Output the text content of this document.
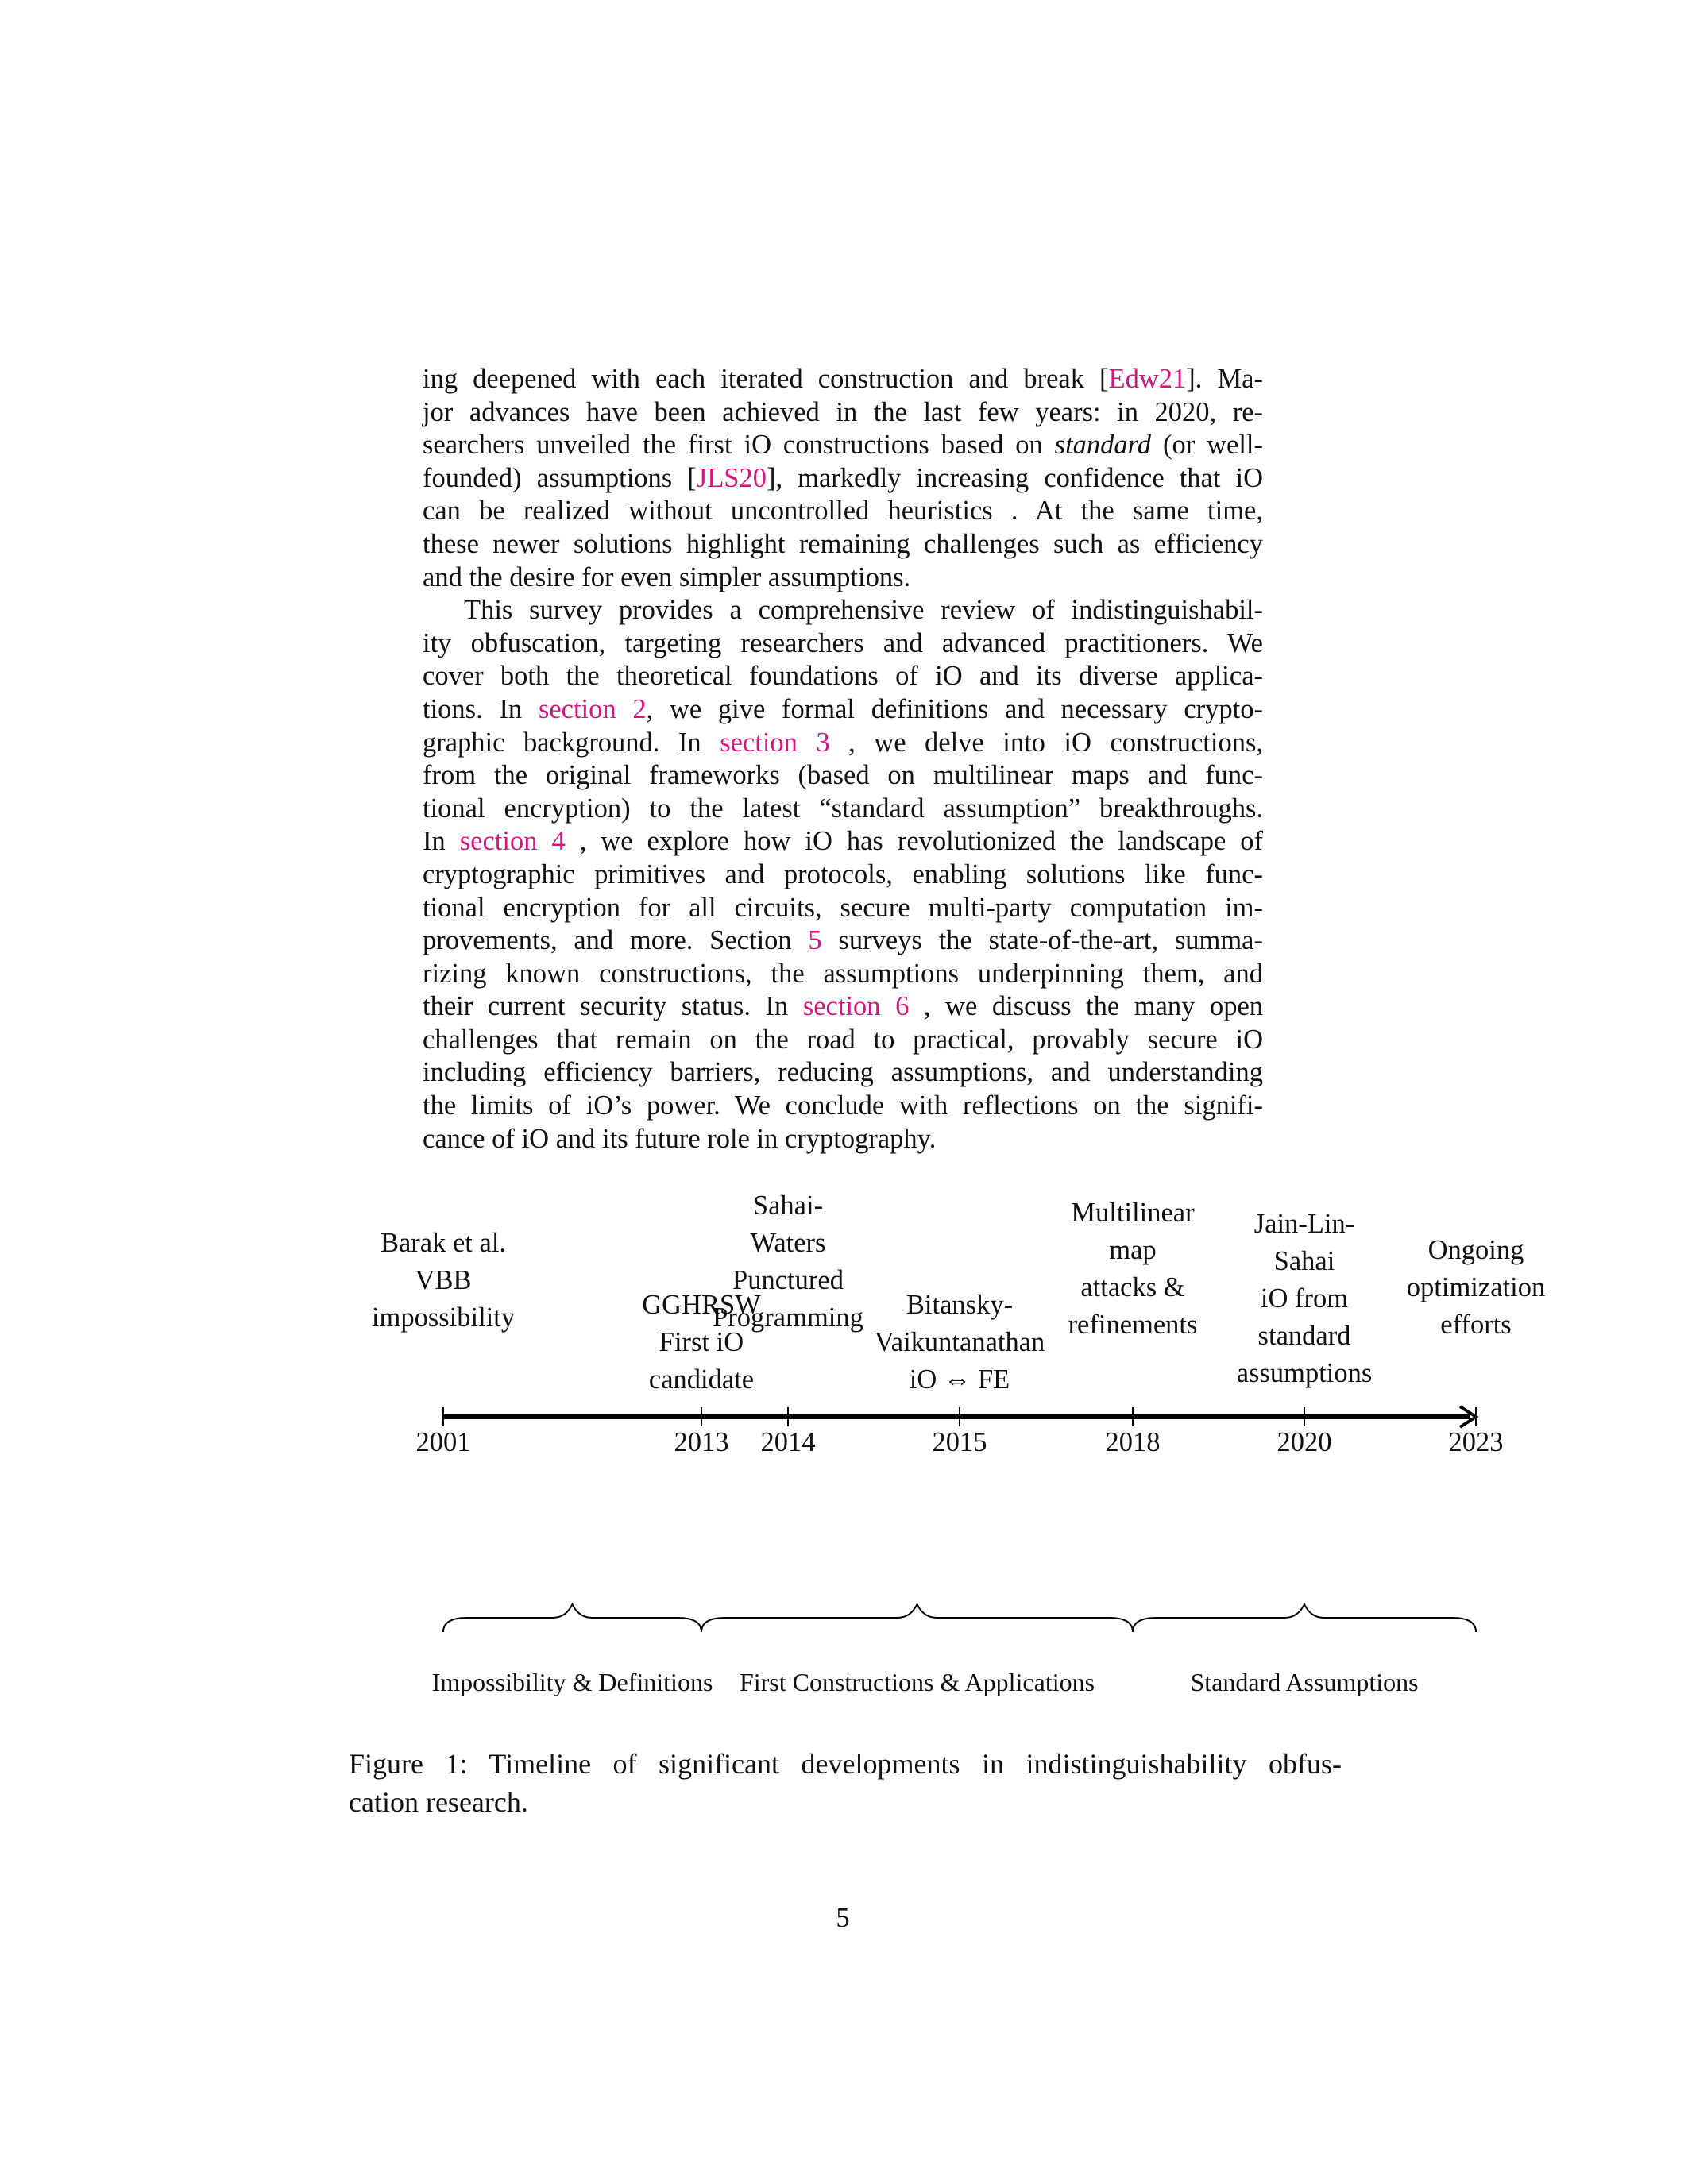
ing deepened with each iterated construction and break [Edw21]. Ma-
jor advances have been achieved in the last few years: in 2020, re-
searchers unveiled the first iO constructions based on standard (or well-
founded) assumptions [JLS20], markedly increasing confidence that iO
can be realized without uncontrolled heuristics . At the same time,
these newer solutions highlight remaining challenges such as efficiency
and the desire for even simpler assumptions.
This survey provides a comprehensive review of indistinguishabil-
ity obfuscation, targeting researchers and advanced practitioners. We
cover both the theoretical foundations of iO and its diverse applica-
tions. In section 2, we give formal definitions and necessary crypto-
graphic background. In section 3 , we delve into iO constructions,
from the original frameworks (based on multilinear maps and func-
tional encryption) to the latest “standard assumption” breakthroughs.
In section 4 , we explore how iO has revolutionized the landscape of
cryptographic primitives and protocols, enabling solutions like func-
tional encryption for all circuits, secure multi-party computation im-
provements, and more. Section 5 surveys the state-of-the-art, summa-
rizing known constructions, the assumptions underpinning them, and
their current security status. In section 6 , we discuss the many open
challenges that remain on the road to practical, provably secure iO
including efficiency barriers, reducing assumptions, and understanding
the limits of iO’s power. We conclude with reflections on the signifi-
cance of iO and its future role in cryptography.
2001	2013 2014	2015	2018	2020	2023
Barak et al.
VBB
impossibility	GGHRSW
First iO
candidate
Sahai-
Waters
Punctured
Programming	Bitansky-
Vaikuntanathan
iO ⇔ FE
Multilinear
map
attacks &
refinements
Jain-Lin-
Sahai
iO from
standard
assumptions
Ongoing
optimization
efforts
Impossibility & Definitions First Constructions & Applications	Standard Assumptions
Figure 1: Timeline of significant developments in indistinguishability obfus-
cation research.
5
